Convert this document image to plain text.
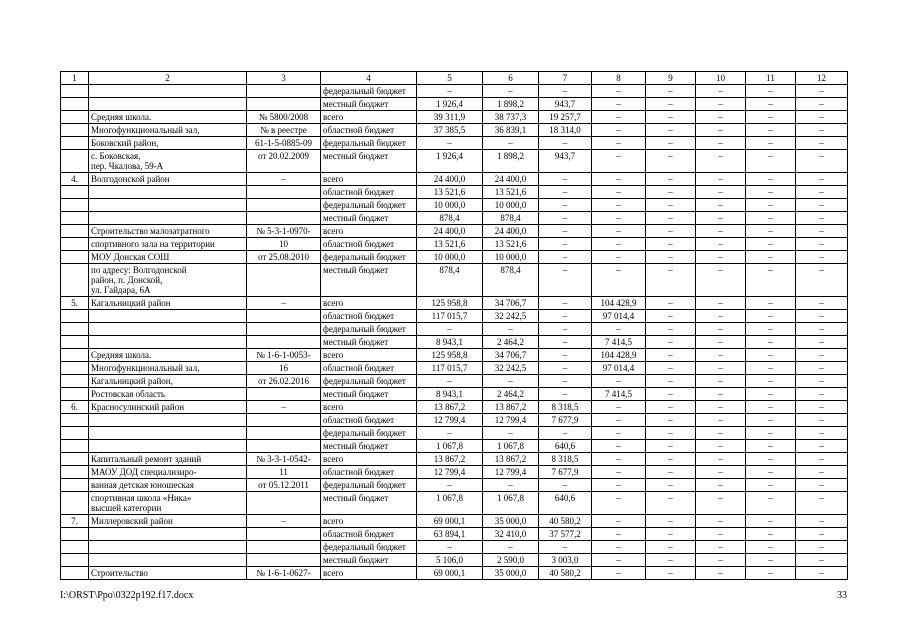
1	2	3	4	5	6	7	8	9	10	11	12
			федеральный бюджет	–	–	–	–	–	–	–	–
			местный бюджет	1 926,4	1 898,2	943,7	–	–	–	–	–
	Средняя школа.	№ 5800/2008	всего	39 311,9	38 737,3	19 257,7	–	–	–	–	–
	Многофункциональный зал,	№ в реестре	областной бюджет	37 385,5	36 839,1	18 314,0	–	–	–	–	–
	Боковский район,	61-1-5-0885-09	федеральный бюджет	–	–	–	–	–	–	–	–
	с. Боковская,
пер. Чкалова, 59-А	от 20.02.2009	местный бюджет	1 926,4	1 898,2	943,7	–	–	–	–	–
4.	Волгодонской район	–	всего	24 400,0	24 400,0	–	–	–	–	–	–
			областной бюджет	13 521,6	13 521,6	–	–	–	–	–	–
			федеральный бюджет	10 000,0	10 000,0	–	–	–	–	–	–
			местный бюджет	878,4	878,4	–	–	–	–	–	–
	Строительство малозатратного	№ 5-3-1-0970-	всего	24 400,0	24 400,0	–	–	–	–	–	–
	спортивного зала на территории	10	областной бюджет	13 521,6	13 521,6	–	–	–	–	–	–
	МОУ Донская СОШ	от 25.08.2010	федеральный бюджет	10 000,0	10 000,0	–	–	–	–	–	–
	по адресу: Волгодонской
район, п. Донской,
ул. Гайдара, 6А		местный бюджет	878,4	878,4	–	–	–	–	–	–
5.	Кагальницкий район	–	всего	125 958,8	34 706,7	–	104 428,9	–	–	–	–
			областной бюджет	117 015,7	32 242,5	–	97 014,4	–	–	–	–
			федеральный бюджет	–	–	–	–	–	–	–	–
			местный бюджет	8 943,1	2 464,2	–	7 414,5	–	–	–	–
	Средняя школа.	№ 1-6-1-0053-	всего	125 958,8	34 706,7	–	104 428,9	–	–	–	–
	Многофункциональный зал,	16	областной бюджет	117 015,7	32 242,5	–	97 014,4	–	–	–	–
	Кагальницкий район,	от 26.02.2016	федеральный бюджет	–	–	–	–	–	–	–	–
	Ростовская область		местный бюджет	8 943,1	2 464,2	–	7 414,5	–	–	–	–
6.	Красносулинский район	–	всего	13 867,2	13 867,2	8 318,5	–	–	–	–	–
			областной бюджет	12 799,4	12 799,4	7 677,9	–	–	–	–	–
			федеральный бюджет	–	–	–	–	–	–	–	–
			местный бюджет	1 067,8	1 067,8	640,6	–	–	–	–	–
	Капитальный ремонт зданий	№ 3-3-1-0542-	всего	13 867,2	13 867,2	8 318,5	–	–	–	–	–
	МАОУ ДОД специализиро-	11	областной бюджет	12 799,4	12 799,4	7 677,9	–	–	–	–	–
	ванная детская юношеская	от 05.12.2011	федеральный бюджет	–	–	–	–	–	–	–	–
	спортивная школа «Ника»
высшей категории		местный бюджет	1 067,8	1 067,8	640,6	–	–	–	–	–
7.	Миллеровский район	–	всего	69 000,1	35 000,0	40 580,2	–	–	–	–	–
			областной бюджет	63 894,1	32 410,0	37 577,2	–	–	–	–	–
			федеральный бюджет	–	–	–	–	–	–	–	–
			местный бюджет	5 106,0	2 590,0	3 003,0	–	–	–	–	–
	Строительство	№ 1-6-1-0627-	всего	69 000,1	35 000,0	40 580,2	–	–	–	–	–
I:\ORST\Ppo\0322p192.f17.docx	33
